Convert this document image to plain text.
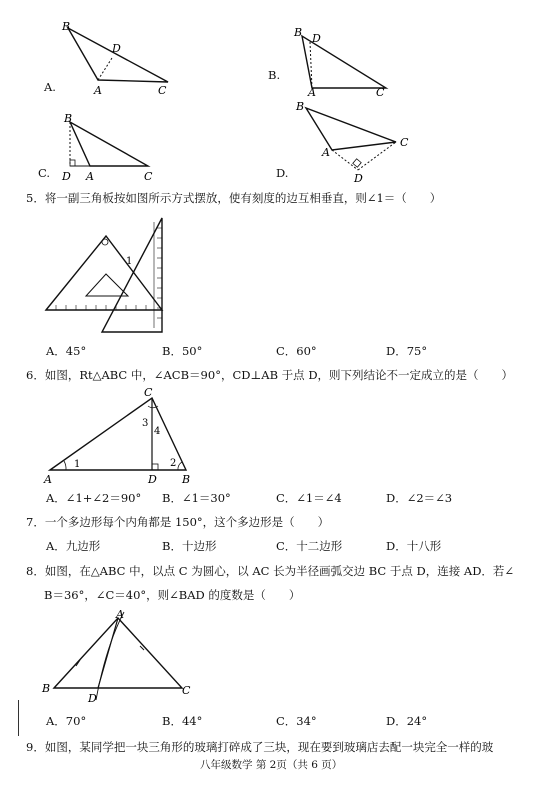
B
D
A	C
A.
B D
A	C
B.
B
D A	C
C.
B
A
C
D
D.
5．将一副三角板按如图所示方式摆放，使有刻度的边互相垂直，则∠1＝（　　）
1
A．45°	B．50°	C．60°	D．75°
6．如图，Rt△ABC 中，∠ACB＝90°，CD⊥AB 于点 D，则下列结论不一定成立的是（　　）
C
A	D B
1	2
3
4
A．∠1+∠2＝90° B．∠1＝30°	C．∠1＝∠4	D．∠2＝∠3
7．一个多边形每个内角都是 150°，这个多边形是（　　）
A．九边形	B．十边形	C．十二边形	D．十八形
8．如图，在△ABC 中，以点 C 为圆心，以 AC 长为半径画弧交边 BC 于点 D，连接 AD．若∠
B＝36°，∠C＝40°，则∠BAD 的度数是（　　）
A
B
D
C
A．70°	B．44°	C．34°	D．24°
9．如图，某同学把一块三角形的玻璃打碎成了三块，现在要到玻璃店去配一块完全一样的玻
八年级数学 第 2页（共 6 页）
